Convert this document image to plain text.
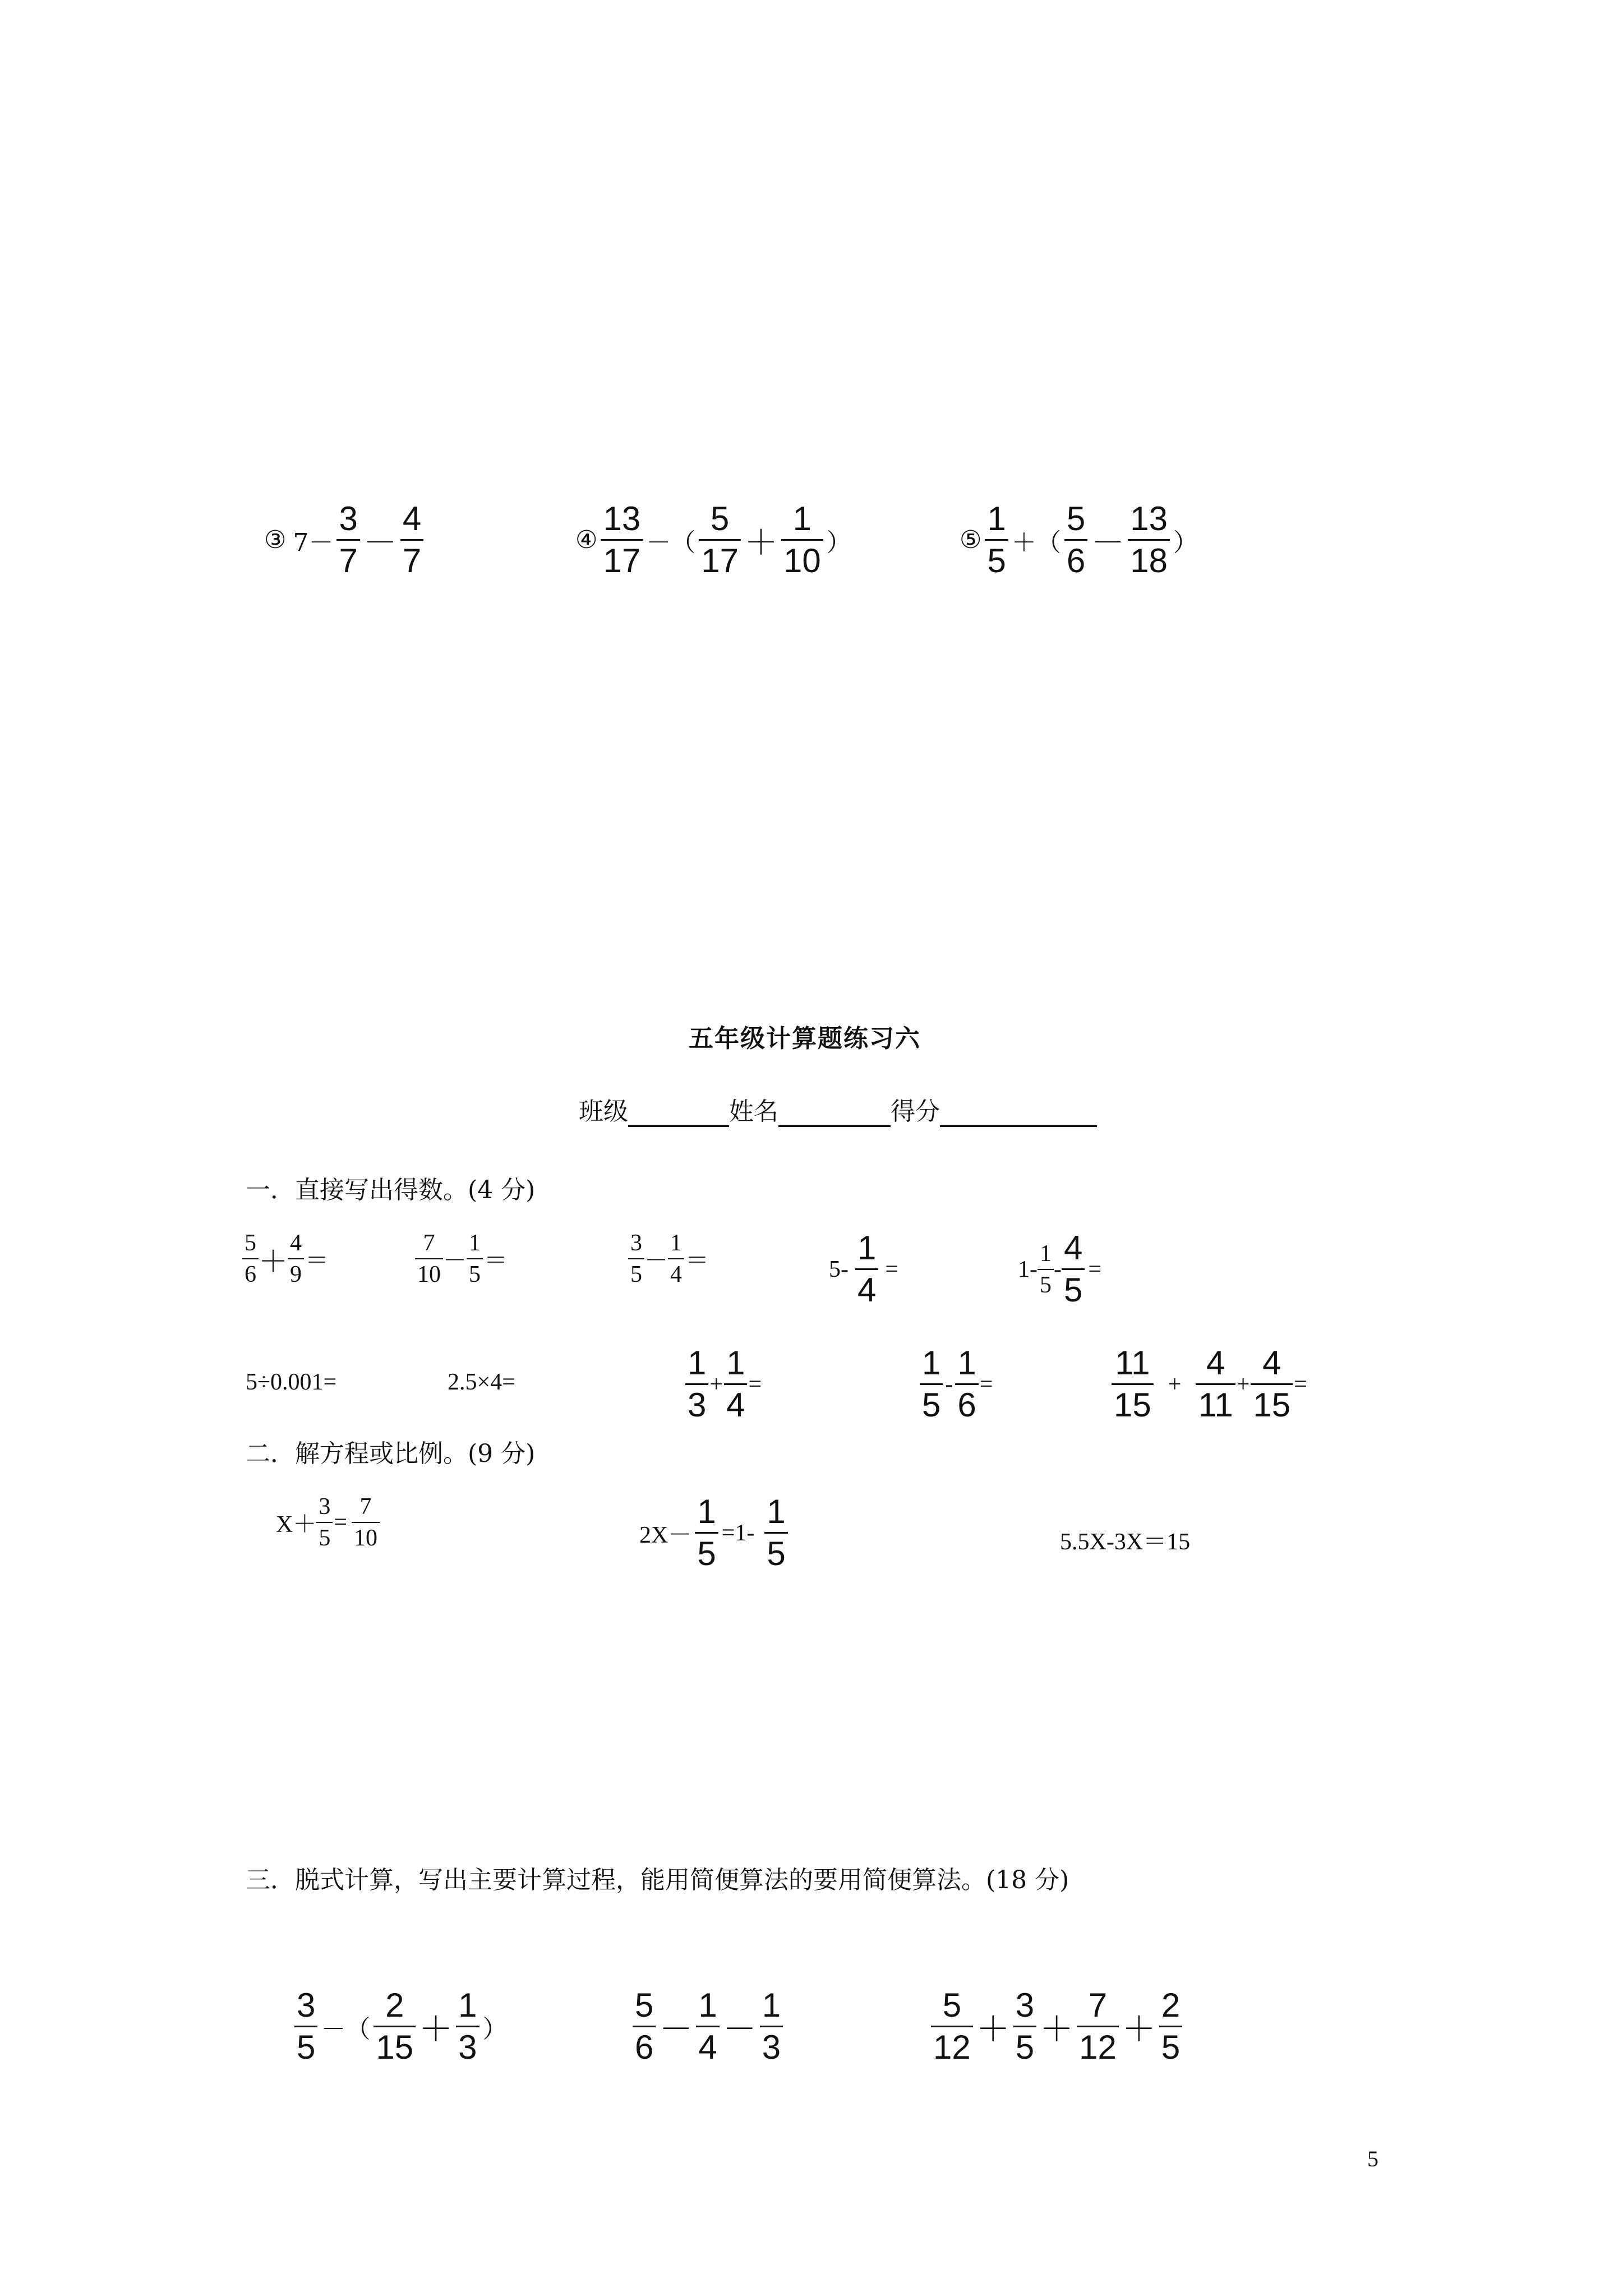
③ $7- \frac{3}{7} - \frac{4}{7}$	④ $\frac{13}{17}$ －（ $\frac{5}{17} + \frac{1}{10}$ ）	⑤ $\frac{1}{5}$ ＋（ $\frac{5}{6} - \frac{13}{18}$ ）
五年级计算题练习六
班级	姓名	得分
一．直接写出得数。(4 分)
$\frac{5}{6} + \frac{4}{9}$ ＝	$\frac{7}{10} - \frac{1}{5}$ ＝	$\frac{3}{5} - \frac{1}{4}$ ＝	$5- \frac{1}{4}$ =	$1- \frac{1}{5} - \frac{4}{5}$ =
5÷0.001=	2.5×4=	$\frac{1}{3} + \frac{1}{4}$ =	$\frac{1}{5} - \frac{1}{6}$ =	$\frac{11}{15} + \frac{4}{11} + \frac{4}{15}$ =
二．解方程或比例。(9 分)
$X+ \frac{3}{5} = \frac{7}{10}$	$2X- \frac{1}{5} =1- \frac{1}{5}$	5.5X-3X＝15
三．脱式计算，写出主要计算过程，能用简便算法的要用简便算法。(18 分)
$\frac{3}{5}$ －（ $\frac{2}{15} + \frac{1}{3}$ ）	$\frac{5}{6} - \frac{1}{4} - \frac{1}{3}$	$\frac{5}{12} + \frac{3}{5} + \frac{7}{12} + \frac{2}{5}$
5
